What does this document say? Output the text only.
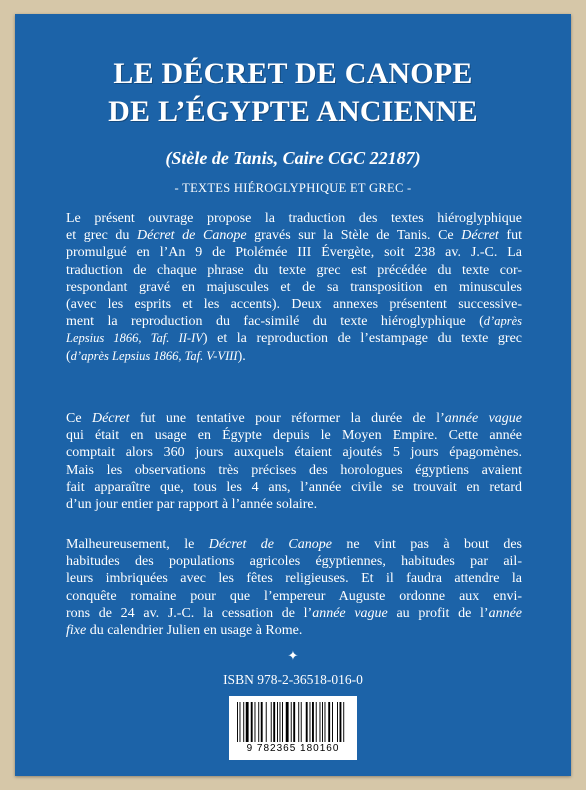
LE DÉCRET DE CANOPE
DE L’ÉGYPTE ANCIENNE
(Stèle de Tanis, Caire CGC 22187)
- TEXTES HIÉROGLYPHIQUE ET GREC -
Le présent ouvrage propose la traduction des textes hiéroglyphique
et grec du Décret de Canope gravés sur la Stèle de Tanis. Ce Décret fut
promulgué en l’An 9 de Ptolémée III Évergète, soit 238 av. J.-C. La
traduction de chaque phrase du texte grec est précédée du texte cor-
respondant gravé en majuscules et de sa transposition en minuscules
(avec les esprits et les accents). Deux annexes présentent successive-
ment la reproduction du fac-similé du texte hiéroglyphique (d’après
Lepsius 1866, Taf. II-IV) et la reproduction de l’estampage du texte grec
(d’après Lepsius 1866, Taf. V-VIII).
Ce Décret fut une tentative pour réformer la durée de l’année vague
qui était en usage en Égypte depuis le Moyen Empire. Cette année
comptait alors 360 jours auxquels étaient ajoutés 5 jours épagomènes.
Mais les observations très précises des horologues égyptiens avaient
fait apparaître que, tous les 4 ans, l’année civile se trouvait en retard
d’un jour entier par rapport à l’année solaire.
Malheureusement, le Décret de Canope ne vint pas à bout des
habitudes des populations agricoles égyptiennes, habitudes par ail-
leurs imbriquées avec les fêtes religieuses. Et il faudra attendre la
conquête romaine pour que l’empereur Auguste ordonne aux envi-
rons de 24 av. J.-C. la cessation de l’année vague au profit de l’année
fixe du calendrier Julien en usage à Rome.
✦
ISBN 978-2-36518-016-0
9 782365 180160
